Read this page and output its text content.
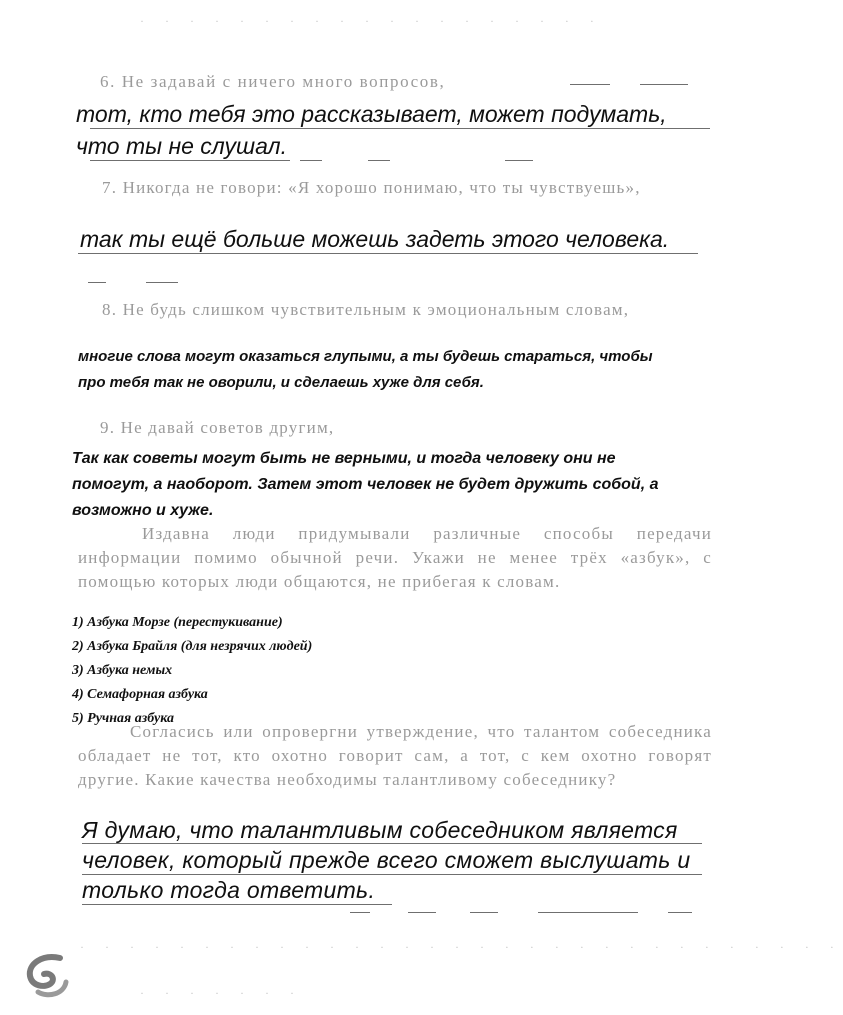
· · · · · · · · · · · · · · · · · · ·
6. Не задавай с ничего много вопросов,
тот, кто тебя это рассказывает, может подумать,
что ты не слушал.
7. Никогда не говори: «Я хорошо понимаю, что ты чувствуешь»,
так ты ещё больше можешь задеть этого человека.
8. Не будь слишком чувствительным к эмоциональным словам,
многие слова могут оказаться глупыми, а ты будешь стараться, чтобы
про тебя так не оворили, и сделаешь хуже для себя.
9. Не давай советов другим,
Так как советы могут быть не верными, и тогда человеку они не
помогут, а наоборот. Затем этот человек не будет дружить собой, а
возможно и хуже.
Издавна люди придумывали различные способы передачи информации помимо обычной речи. Укажи не менее трёх «азбук», с помощью которых люди общаются, не прибегая к словам.
1) Азбука Морзе (перестукивание)
2) Азбука Брайля (для незрячих людей)
3) Азбука немых
4) Семафорная азбука
5) Ручная азбука
Согласись или опровергни утверждение, что талантом собеседника обладает не тот, кто охотно говорит сам, а тот, с кем охотно говорят другие. Какие качества необходимы талантливому собеседнику?
Я думаю, что талантливым собеседником является
человек, который прежде всего сможет выслушать и
только тогда ответить.
· · · · · · · · · · · · · · · · · · · · · · · · · · · · · · ·
· · · · · · ·
